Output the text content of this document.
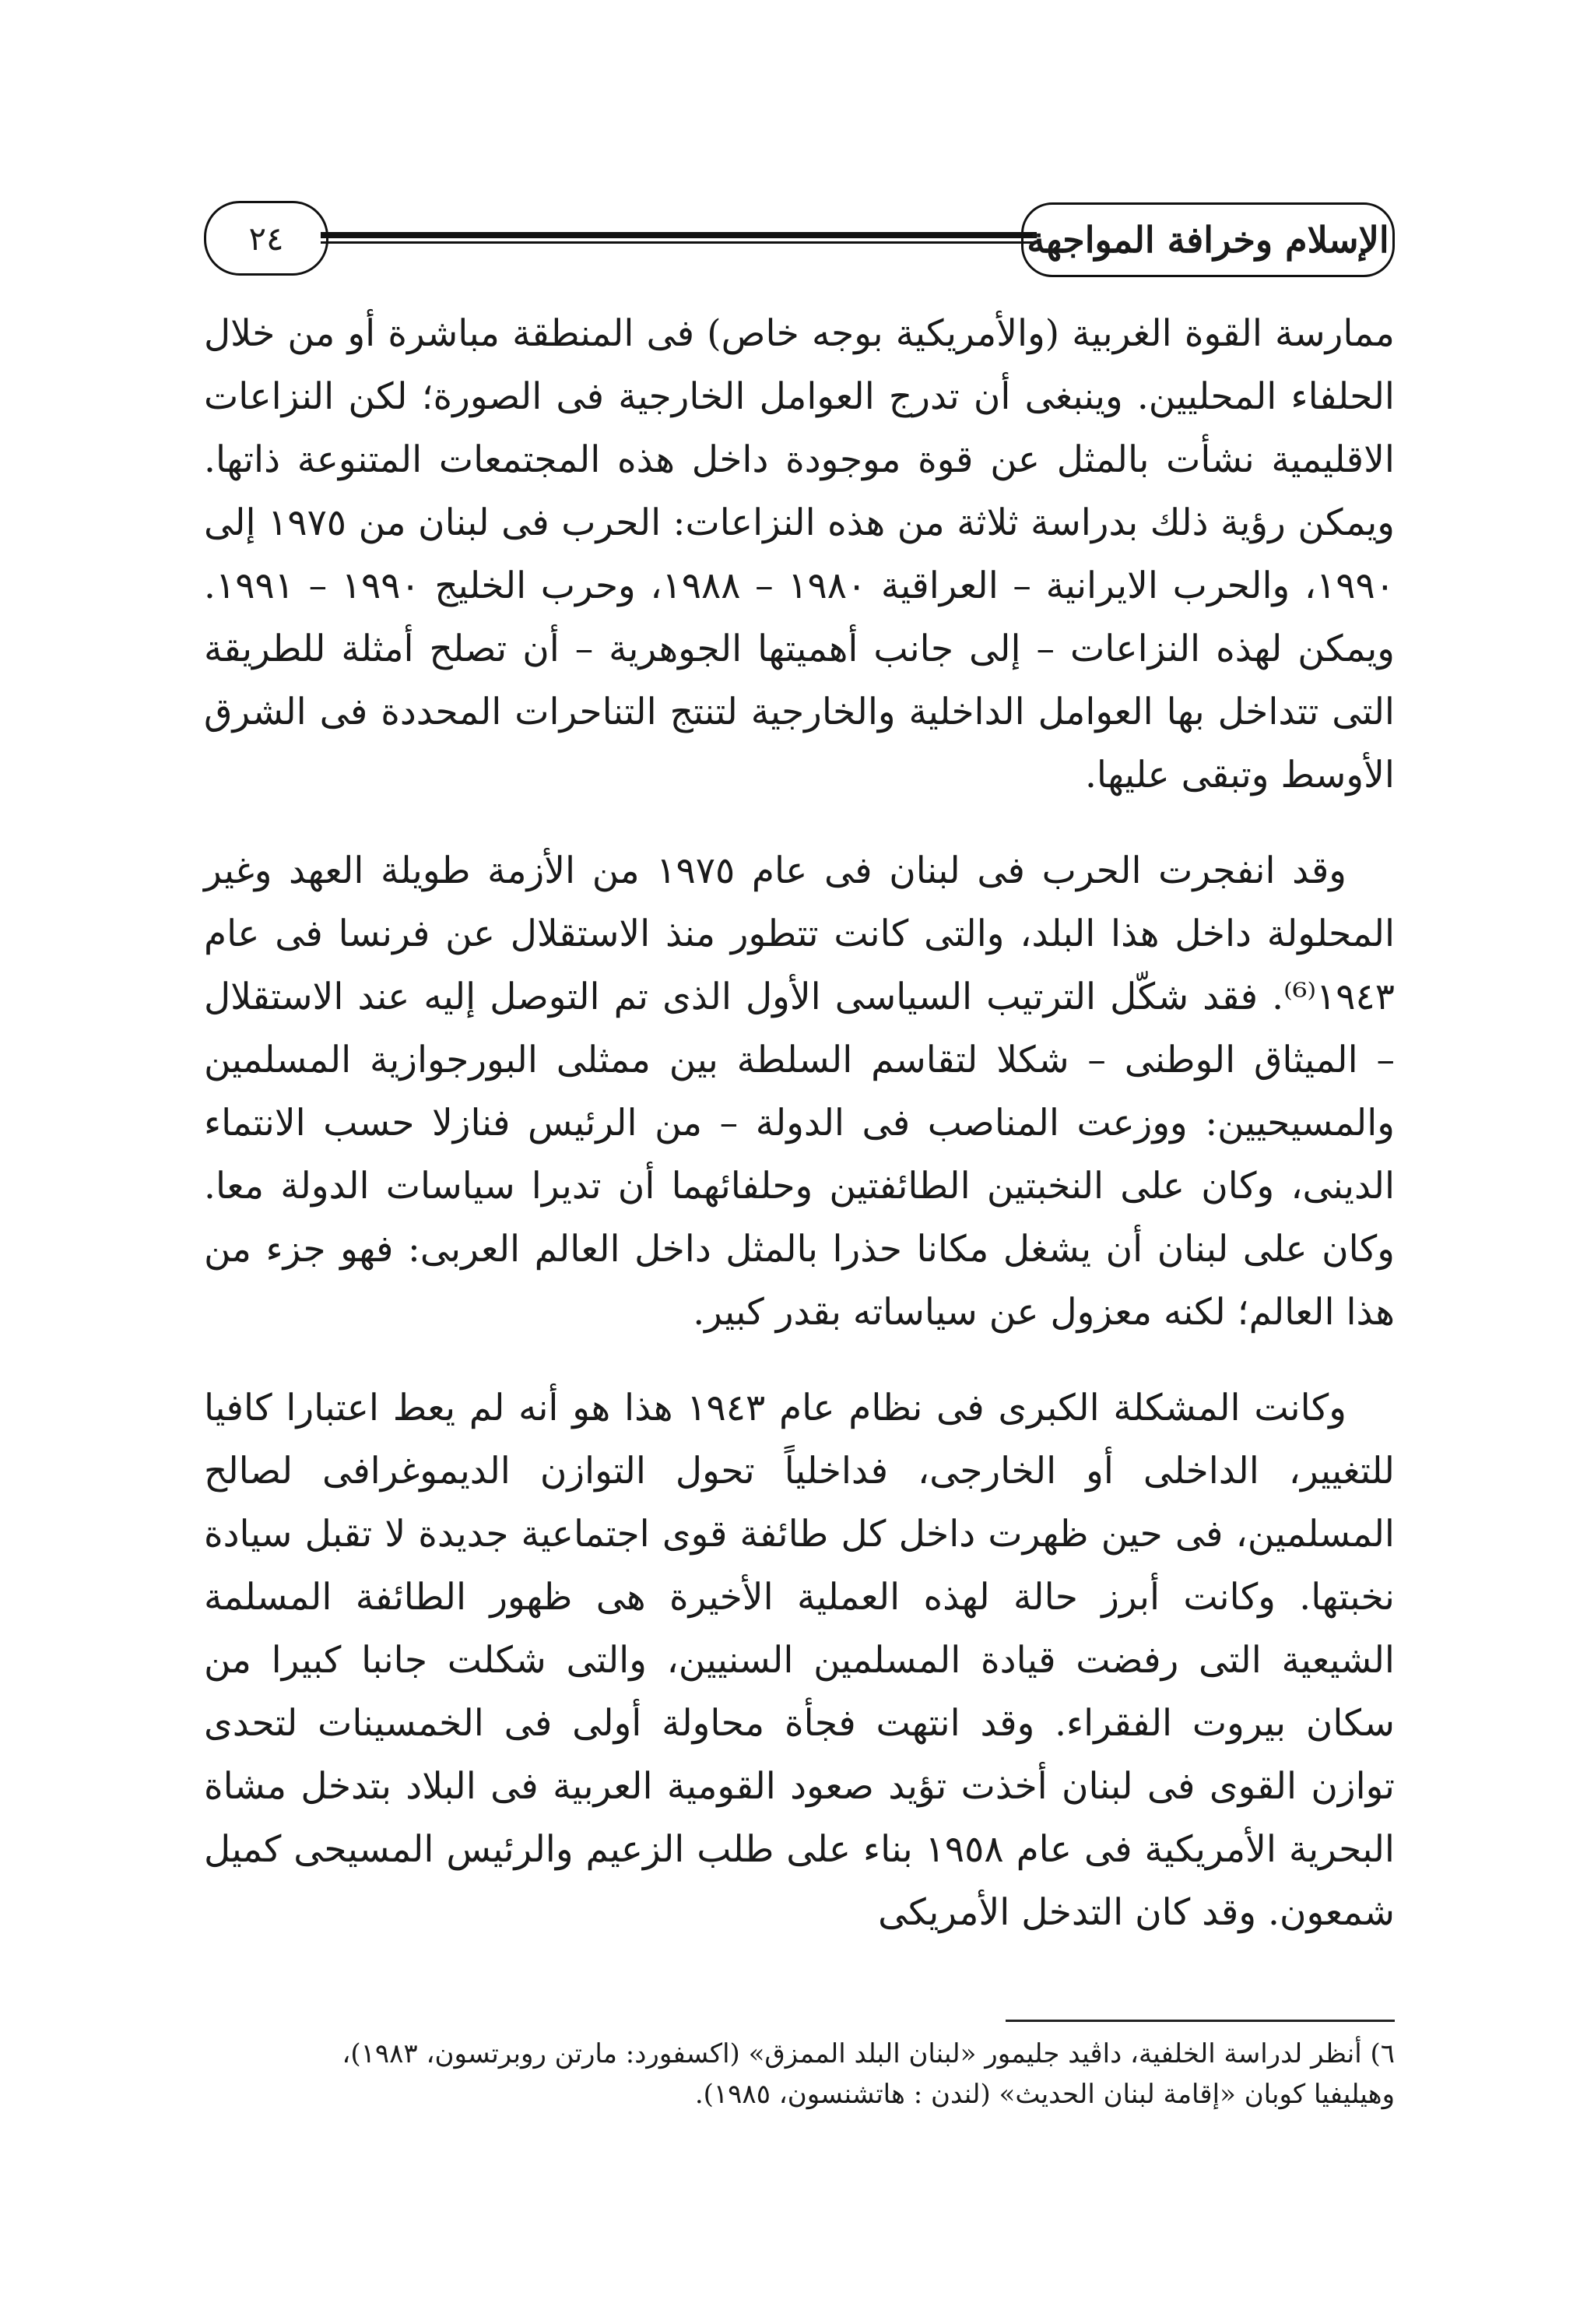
٢٤	الإسلام وخرافة المواجهة

ممارسة القوة الغربية (والأمريكية بوجه خاص) فى المنطقة مباشرة أو من خلال الحلفاء المحليين. وينبغى أن تدرج العوامل الخارجية فى الصورة؛ لكن النزاعات الاقليمية نشأت بالمثل عن قوة موجودة داخل هذه المجتمعات المتنوعة ذاتها. ويمكن رؤية ذلك بدراسة ثلاثة من هذه النزاعات: الحرب فى لبنان من ١٩٧٥ إلى ١٩٩٠، والحرب الايرانية – العراقية ١٩٨٠ – ١٩٨٨، وحرب الخليج ١٩٩٠ – ١٩٩١. ويمكن لهذه النزاعات – إلى جانب أهميتها الجوهرية – أن تصلح أمثلة للطريقة التى تتداخل بها العوامل الداخلية والخارجية لتنتج التناحرات المحددة فى الشرق الأوسط وتبقى عليها.

وقد انفجرت الحرب فى لبنان فى عام ١٩٧٥ من الأزمة طويلة العهد وغير المحلولة داخل هذا البلد، والتى كانت تتطور منذ الاستقلال عن فرنسا فى عام ١٩٤٣⁽⁶⁾. فقد شكّل الترتيب السياسى الأول الذى تم التوصل إليه عند الاستقلال – الميثاق الوطنى – شكلا لتقاسم السلطة بين ممثلى البورجوازية المسلمين والمسيحيين: ووزعت المناصب فى الدولة – من الرئيس فنازلا حسب الانتماء الدينى، وكان على النخبتين الطائفتين وحلفائهما أن تديرا سياسات الدولة معا. وكان على لبنان أن يشغل مكانا حذرا بالمثل داخل العالم العربى: فهو جزء من هذا العالم؛ لكنه معزول عن سياساته بقدر كبير.

وكانت المشكلة الكبرى فى نظام عام ١٩٤٣ هذا هو أنه لم يعط اعتبارا كافيا للتغيير، الداخلى أو الخارجى، فداخلياً تحول التوازن الديموغرافى لصالح المسلمين، فى حين ظهرت داخل كل طائفة قوى اجتماعية جديدة لا تقبل سيادة نخبتها. وكانت أبرز حالة لهذه العملية الأخيرة هى ظهور الطائفة المسلمة الشيعية التى رفضت قيادة المسلمين السنيين، والتى شكلت جانبا كبيرا من سكان بيروت الفقراء. وقد انتهت فجأة محاولة أولى فى الخمسينات لتحدى توازن القوى فى لبنان أخذت تؤيد صعود القومية العربية فى البلاد بتدخل مشاة البحرية الأمريكية فى عام ١٩٥٨ بناء على طلب الزعيم والرئيس المسيحى كميل شمعون. وقد كان التدخل الأمريكى

٦) أنظر لدراسة الخلفية، داڤيد جليمور «لبنان البلد الممزق» (اكسفورد: مارتن روبرتسون، ١٩٨٣)،

وهيليفيا كوبان «إقامة لبنان الحديث» (لندن : هاتشنسون، ١٩٨٥).
